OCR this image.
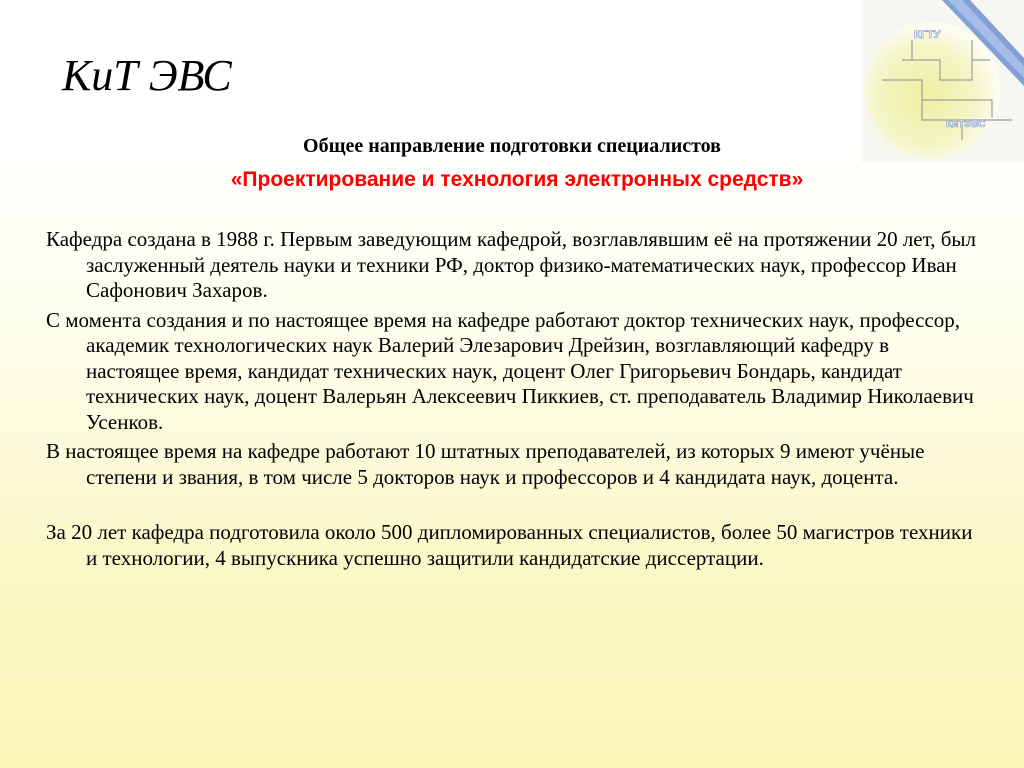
КиТ ЭВС
КГТУ
КиТЭВС
Общее направление подготовки специалистов
«Проектирование и технология электронных средств»

Кафедра создана в 1988 г. Первым заведующим кафедрой, возглавлявшим её на протяжении 20 лет, был заслуженный деятель науки и техники РФ, доктор физико-математических наук, профессор Иван Сафонович Захаров.

С момента создания и по настоящее время на кафедре работают доктор технических наук, профессор, академик технологических наук Валерий Элезарович Дрейзин, возглавляющий кафедру в настоящее время, кандидат технических наук, доцент Олег Григорьевич Бондарь, кандидат технических наук, доцент Валерьян Алексеевич Пиккиев, ст. преподаватель Владимир Николаевич Усенков.

В настоящее время на кафедре работают 10 штатных преподавателей, из которых 9 имеют учёные степени и звания, в том числе 5 докторов наук и профессоров и 4 кандидата наук, доцента.

За 20 лет кафедра подготовила около 500 дипломированных специалистов, более 50 магистров техники и технологии, 4 выпускника успешно защитили кандидатские диссертации.
